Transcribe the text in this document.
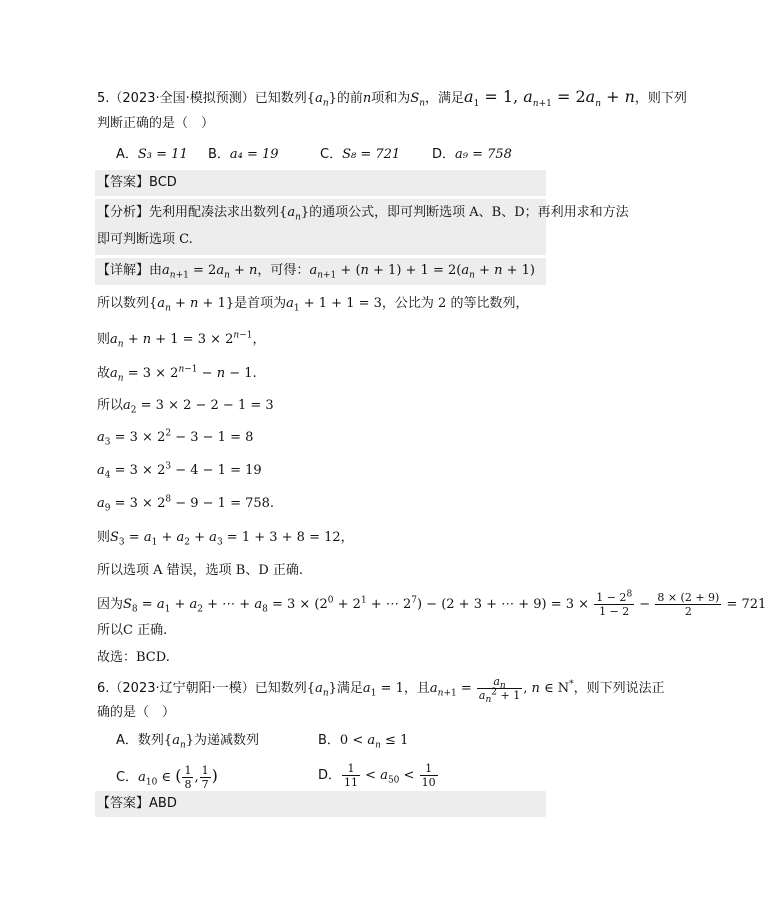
5.（2023·全国·模拟预测）已知数列$\{a_n\}$的前n项和为$S_n$，满足$a_1 = 1$, $a_{n+1} = 2a_n + n$，则下列
判断正确的是（　）
A．S₃ = 11 B．a₄ = 19	C．S₈ = 721 D．a₉ = 758
【答案】BCD
【分析】先利用配凑法求出数列$\{a_n\}$的通项公式，即可判断选项 A、B、D；再利用求和方法
即可判断选项 C.
【详解】由$a_{n+1} = 2a_n + n$，可得：$a_{n+1} + (n + 1) + 1 = 2(a_n + n + 1)$
所以数列$\{a_n + n + 1\}$是首项为$a_1 + 1 + 1 = 3$，公比为 2 的等比数列，
则$a_n + n + 1 = 3 \times 2^{n-1}$，
故$a_n = 3 \times 2^{n-1} - n - 1$.
所以$a_2 = 3 \times 2 - 2 - 1 = 3$
$a_3 = 3 \times 2^2 - 3 - 1 = 8$
$a_4 = 3 \times 2^3 - 4 - 1 = 19$
$a_9 = 3 \times 2^8 - 9 - 1 = 758$.
则$S_3 = a_1 + a_2 + a_3 = 1 + 3 + 8 = 12$，
所以选项 A 错误，选项 B、D 正确.
因为$S_8 = a_1 + a_2$ + ⋯ + $a_8 = 3 \times (2^0 + 2^1$ + ⋯ $2^7) - (2 + 3$ + ⋯ + $9) = 3 \times \frac{1 - 2^8}{1 - 2} - \frac{8 \times (2 + 9)}{2} = 721$
所以C 正确.
故选：BCD.
6.（2023·辽宁朝阳·一模）已知数列$\{a_n\}$满足$a_1 = 1$，且$a_{n+1} = \frac{a_n}{a_n^2 + 1}$ , n ∈ N*，则下列说法正
确的是（　）
A．数列$\{a_n\}$为递减数列	B．$0 < a_n \le 1$
C．$a_{10}$ ∈ ( $\frac{1}{8}$ , $\frac{1}{7}$ )	D． $\frac{1}{11} < a_{50} < \frac{1}{10}$
【答案】ABD
